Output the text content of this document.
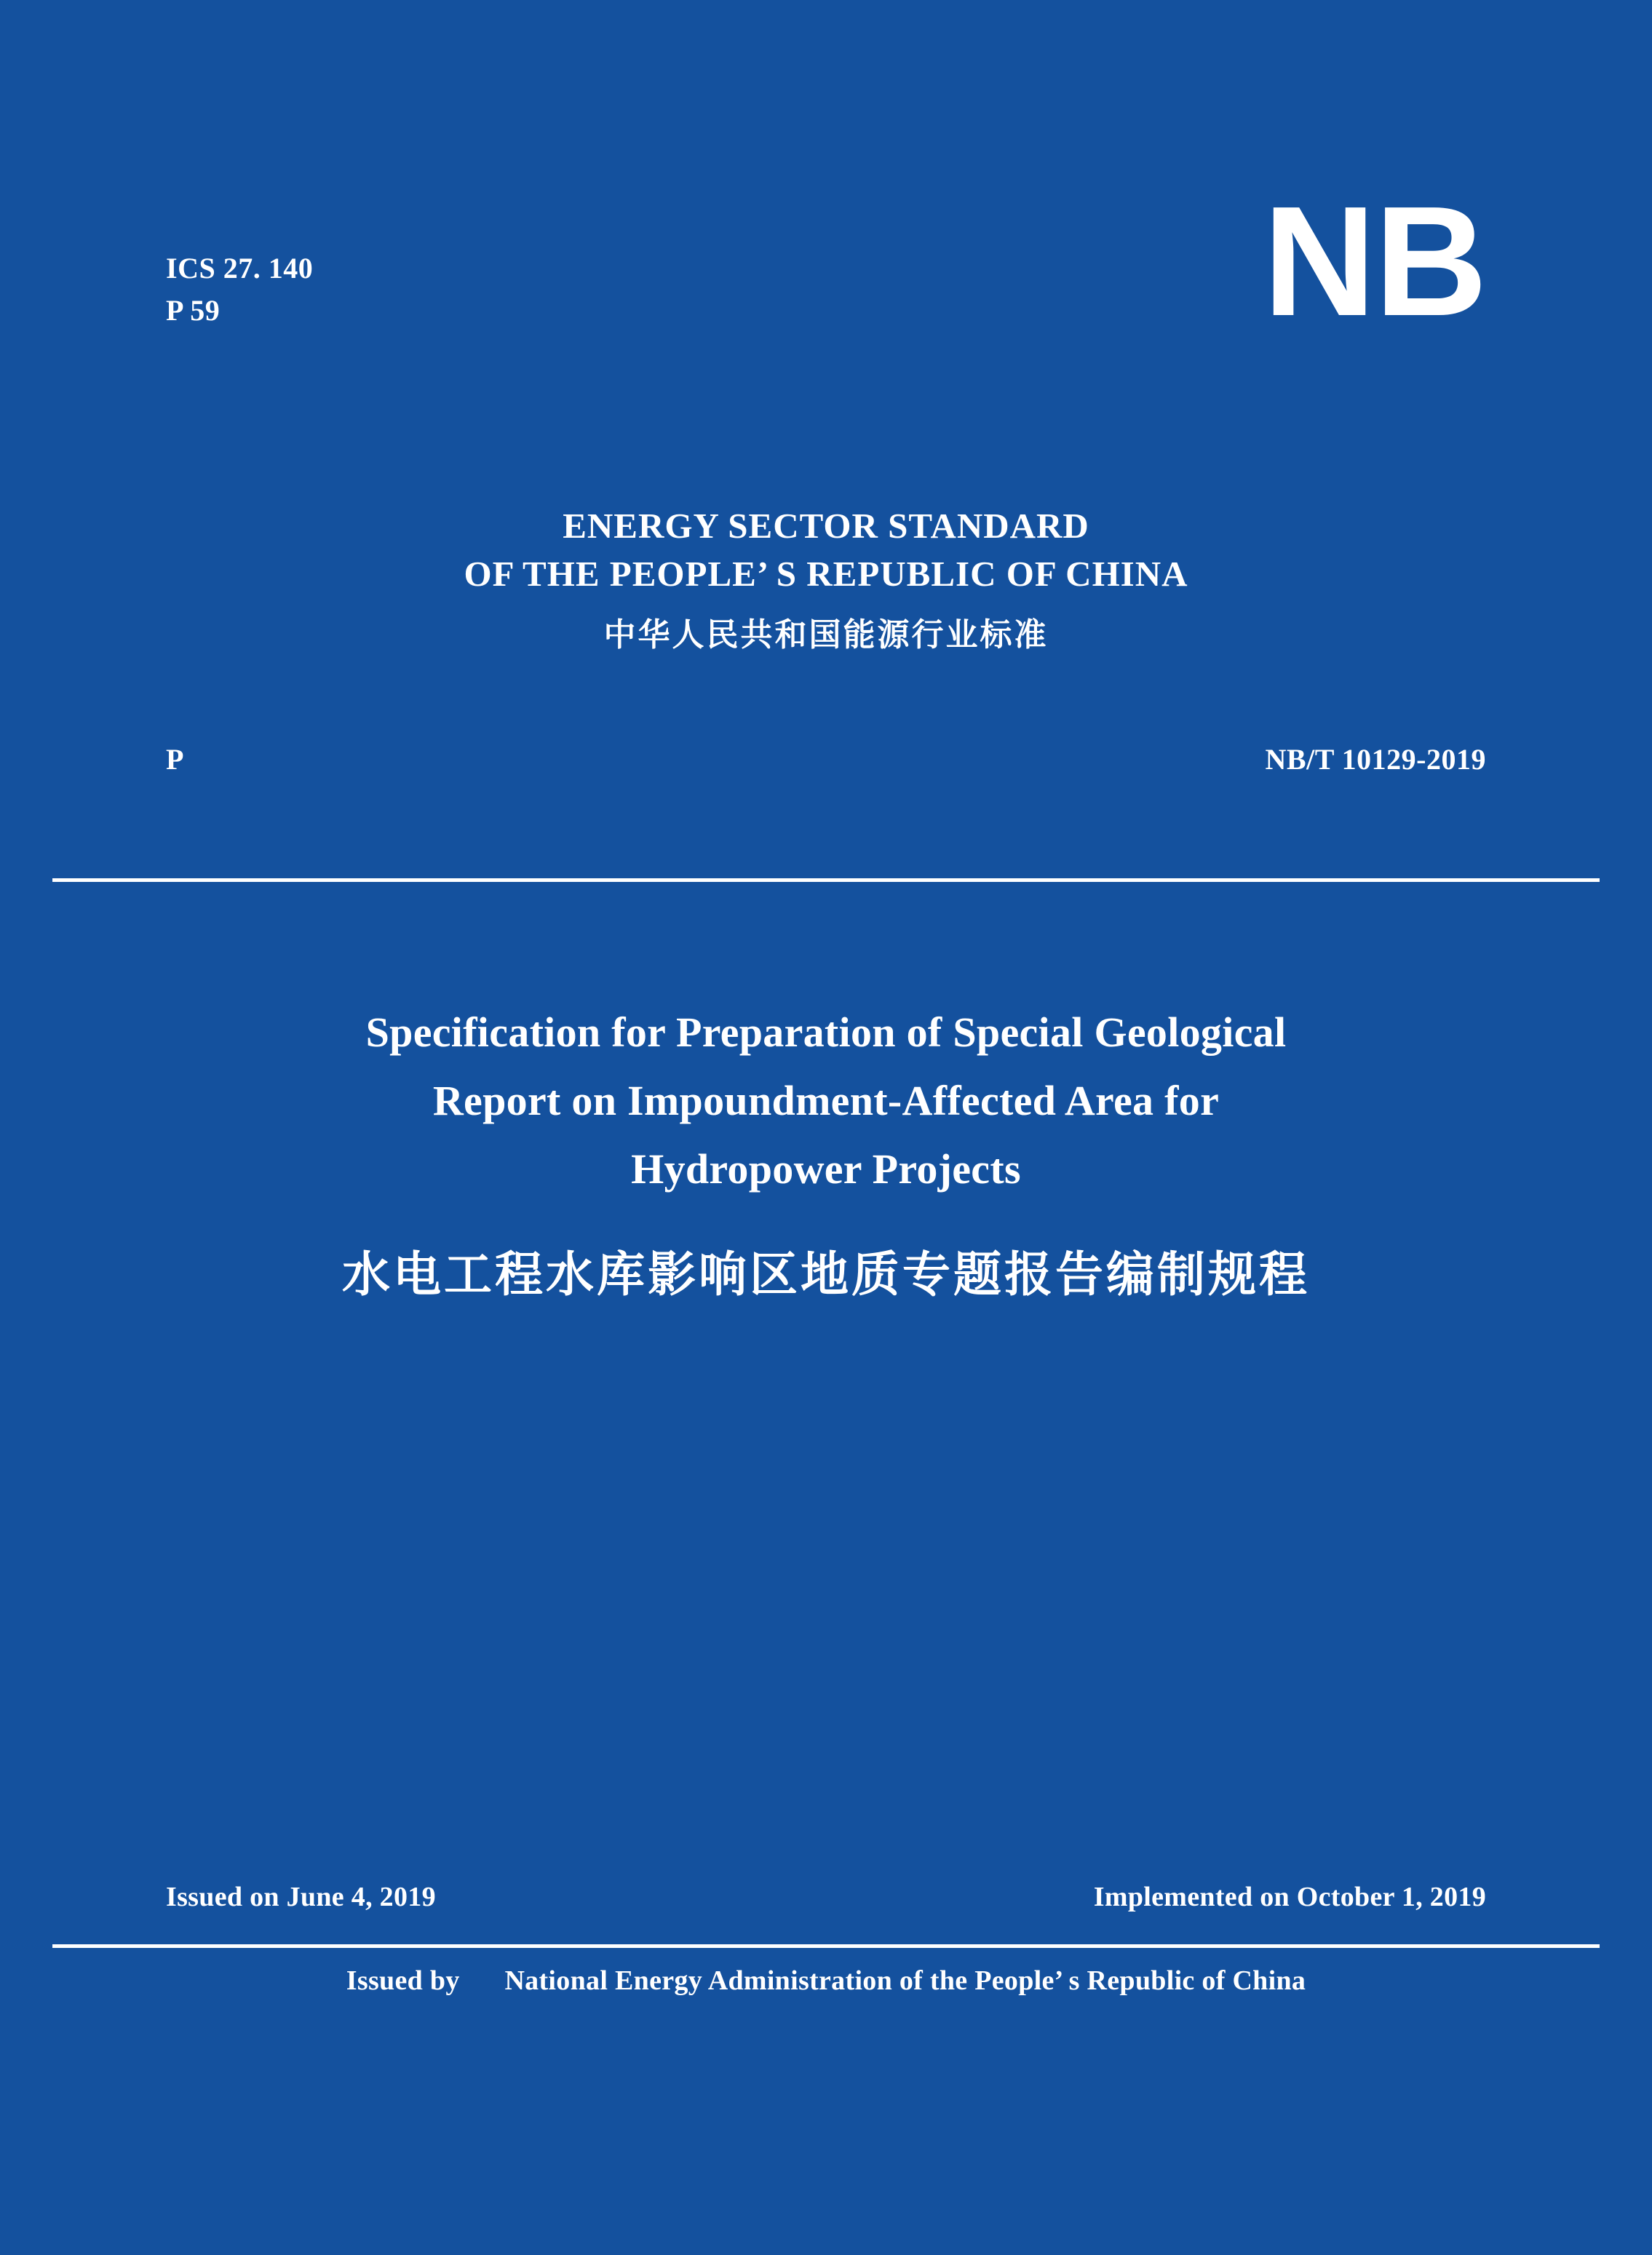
ICS 27. 140
P 59	NB
ENERGY SECTOR STANDARD
OF THE PEOPLE’ S REPUBLIC OF CHINA
中华人民共和国能源行业标准
P	NB/T 10129-2019
Specification for Preparation of Special Geological
Report on Impoundment-Affected Area for
Hydropower Projects
水电工程水库影响区地质专题报告编制规程
Issued on June 4, 2019	Implemented on October 1, 2019
Issued by National Energy Administration of the People’ s Republic of China
